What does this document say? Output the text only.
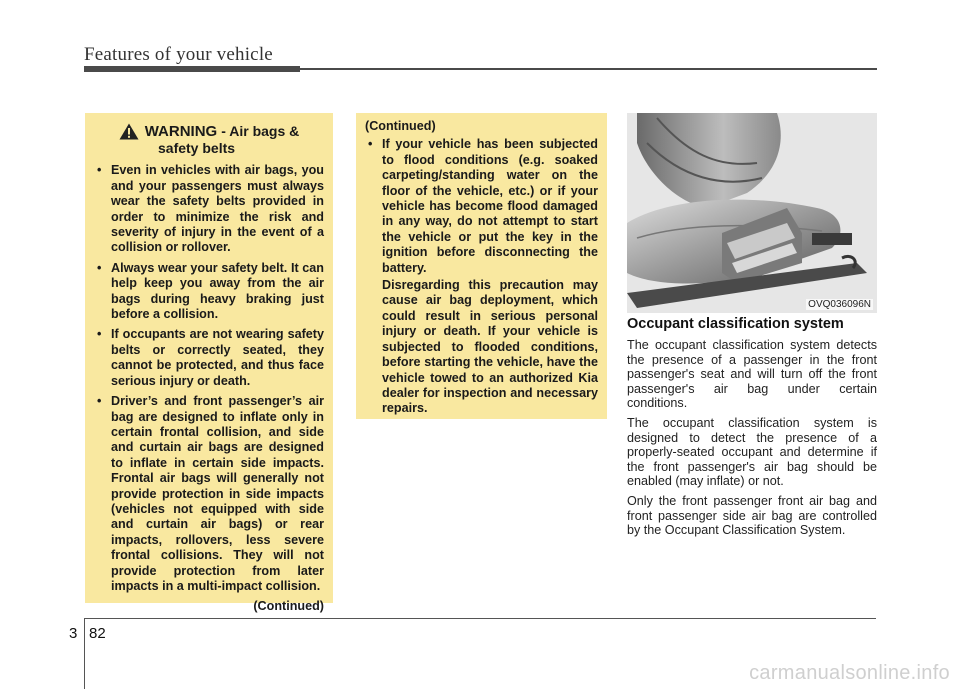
Features of your vehicle
WARNING - Air bags &
safety belts
• Even in vehicles with air bags, you and your passengers must always wear the safety belts provided in order to minimize the risk and severity of injury in the event of a collision or rollover.
• Always wear your safety belt. It can help keep you away from the air bags during heavy braking just before a collision.
• If occupants are not wearing safety belts or correctly seated, they cannot be protected, and thus face serious injury or death.
• Driver’s and front passenger’s air bag are designed to inflate only in certain frontal collision, and side and curtain air bags are designed to inflate in certain side impacts. Frontal air bags will generally not provide protection in side impacts (vehicles not equipped with side and curtain air bags) or rear impacts, rollovers, less severe frontal collisions. They will not provide protection from later impacts in a multi-impact collision.
(Continued)
(Continued)
• If your vehicle has been subjected to flood conditions (e.g. soaked carpeting/standing water on the floor of the vehicle, etc.) or if your vehicle has become flood damaged in any way, do not attempt to start the vehicle or put the key in the ignition before disconnecting the battery.
Disregarding this precaution may cause air bag deployment, which could result in serious personal injury or death. If your vehicle is subjected to flooded conditions, before starting the vehicle, have the vehicle towed to an authorized Kia dealer for inspection and necessary repairs.
OVQ036096N
Occupant classification system

The occupant classification system detects the presence of a passenger in the front passenger's seat and will turn off the front passenger's air bag under certain conditions.

The occupant classification system is designed to detect the presence of a properly-seated occupant and determine if the front passenger's air bag should be enabled (may inflate) or not.

Only the front passenger front air bag and front passenger side air bag are controlled by the Occupant Classification System.

3 82
carmanualsonline.info
